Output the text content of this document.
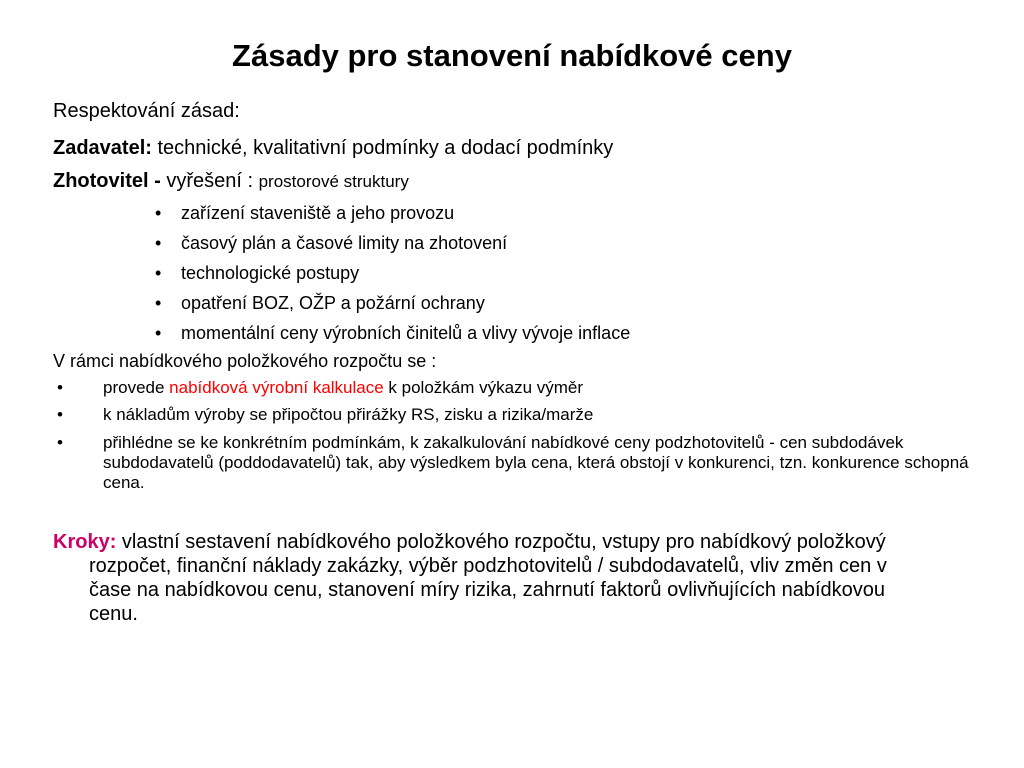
Zásady pro stanovení nabídkové ceny
Respektování zásad:
Zadavatel: technické, kvalitativní podmínky a dodací podmínky
Zhotovitel - vyřešení : prostorové struktury
• zařízení staveniště a jeho provozu
• časový plán a časové limity na zhotovení
• technologické postupy
• opatření BOZ, OŽP a požární ochrany
• momentální ceny výrobních činitelů a vlivy vývoje inflace
V rámci nabídkového položkového rozpočtu se :
• provede nabídková výrobní kalkulace k položkám výkazu výměr
• k nákladům výroby se připočtou přirážky RS, zisku a rizika/marže
• přihlédne se ke konkrétním podmínkám, k zakalkulování nabídkové ceny podzhotovitelů - cen subdodávek subdodavatelů (poddodavatelů) tak, aby výsledkem byla cena, která obstojí v konkurenci, tzn. konkurence schopná cena.
Kroky: vlastní sestavení nabídkového položkového rozpočtu, vstupy pro nabídkový položkový rozpočet, finanční náklady zakázky, výběr podzhotovitelů / subdodavatelů, vliv změn cen v čase na nabídkovou cenu, stanovení míry rizika, zahrnutí faktorů ovlivňujících nabídkovou cenu.
